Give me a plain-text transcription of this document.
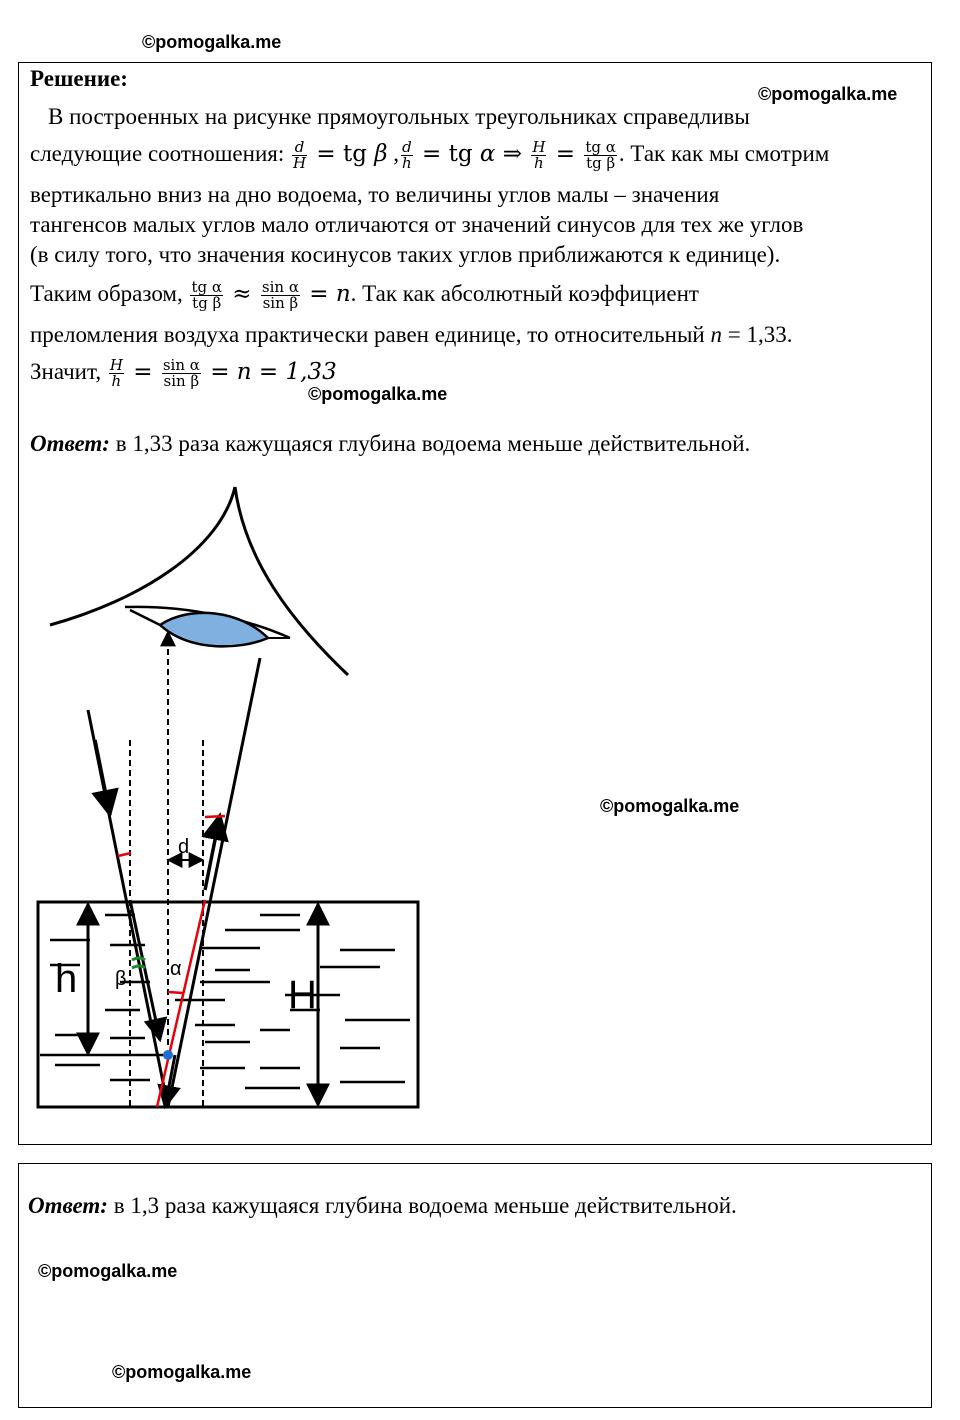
©pomogalka.me
©pomogalka.me
Решение:
В построенных на рисунке прямоугольных треугольниках справедливы
следующие соотношения: $\frac{d}{H}$ = tg β , $\frac{d}{h}$ = tg α ⇒ $\frac{H}{h} = \frac{\text{tg α}}{\text{tg β}}$ . Так как мы смотрим
вертикально вниз на дно водоема, то величины углов малы – значения
тангенсов малых углов мало отличаются от значений синусов для тех же углов
(в силу того, что значения косинусов таких углов приближаются к единице).
Таким образом, $\frac{\text{tg α}}{\text{tg β}} \approx \frac{\text{sin α}}{\text{sin β}} = n$. Так как абсолютный коэффициент
преломления воздуха практически равен единице, то относительный n = 1,33.
Значит, $\frac{H}{h} = \frac{\text{sin α}}{\text{sin β}} = n = 1,33$
©pomogalka.me
Ответ: в 1,33 раза кажущаяся глубина водоема меньше действительной.
©pomogalka.me
d
h	H
β α
Ответ: в 1,3 раза кажущаяся глубина водоема меньше действительной.
©pomogalka.me
©pomogalka.me
